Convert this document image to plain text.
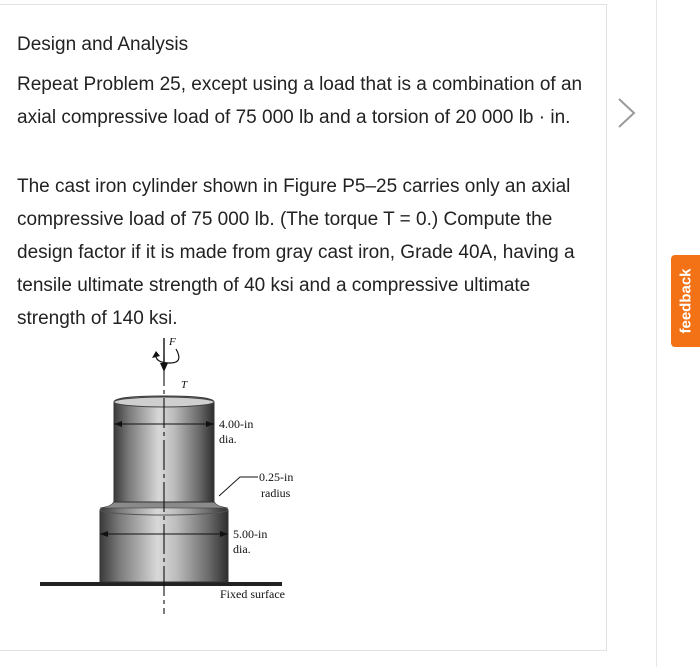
Design and Analysis

Repeat Problem 25, except using a load that is a combination of an axial compressive load of 75 000 lb and a torsion of 20 000 lb · in.

The cast iron cylinder shown in Figure P5–25 carries only an axial compressive load of 75 000 lb. (The torque T = 0.) Compute the design factor if it is made from gray cast iron, Grade 40A, having a tensile ultimate strength of 40 ksi and a compressive ultimate strength of 140 ksi.

F
T
4.00-in
dia.
0.25-in
radius
5.00-in
dia.
Fixed surface
feedback
